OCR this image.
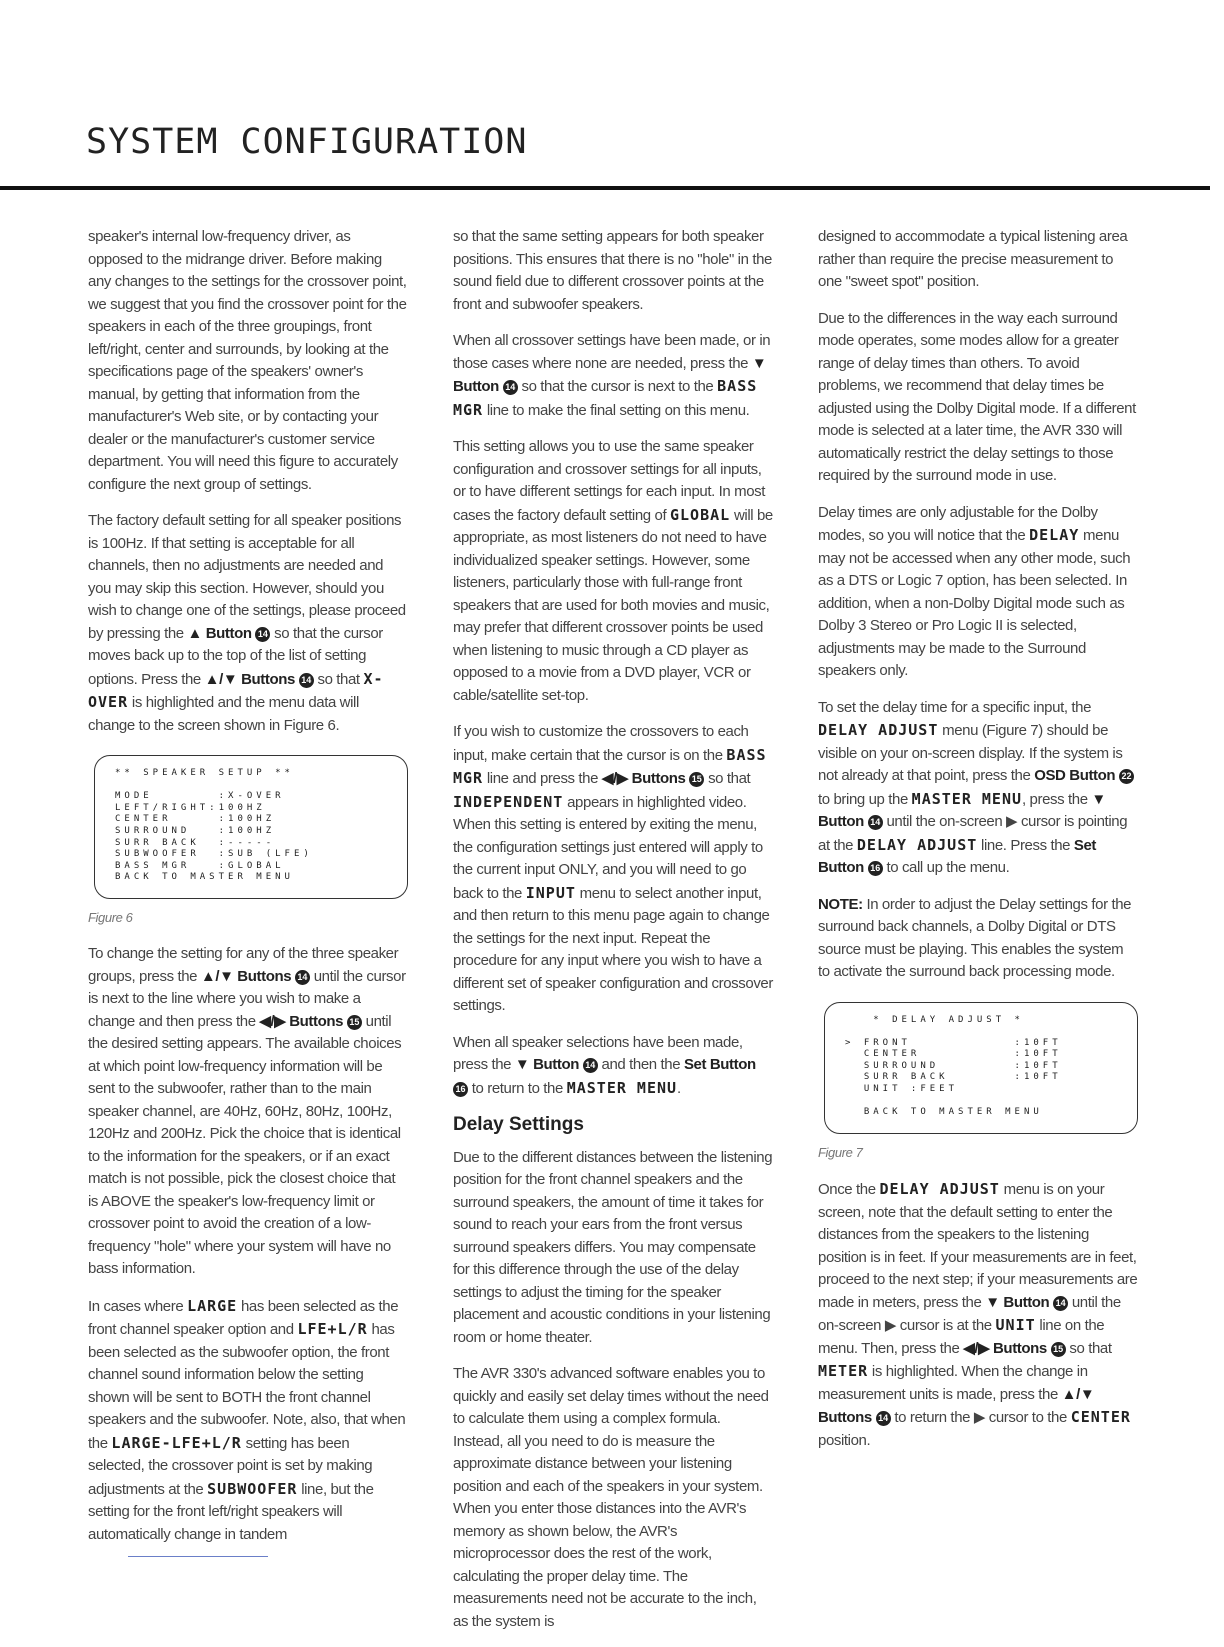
SYSTEM CONFIGURATION

speaker's internal low-frequency driver, as opposed to the midrange driver. Before making any changes to the settings for the crossover point, we suggest that you find the crossover point for the speakers in each of the three groupings, front left/right, center and surrounds, by looking at the specifications page of the speakers' owner's manual, by getting that information from the manufacturer's Web site, or by contacting your dealer or the manufacturer's customer service department. You will need this figure to accurately configure the next group of settings.

The factory default setting for all speaker positions is 100Hz. If that setting is acceptable for all channels, then no adjustments are needed and you may skip this section. However, should you wish to change one of the settings, please proceed by pressing the ▲ Button 14 so that the cursor moves back up to the top of the list of setting options. Press the ▲/▼ Buttons 14 so that X-OVER is highlighted and the menu data will change to the screen shown in Figure 6.

** SPEAKER SETUP **
MODE       :X-OVER
LEFT/RIGHT:100HZ
CENTER     :100HZ
SURROUND   :100HZ
SURR BACK  :-----
SUBWOOFER  :SUB (LFE)
BASS MGR   :GLOBAL
BACK TO MASTER MENU

Figure 6

To change the setting for any of the three speaker groups, press the ▲/▼ Buttons 14 until the cursor is next to the line where you wish to make a change and then press the ◀/▶ Buttons 15 until the desired setting appears. The available choices at which point low-frequency information will be sent to the subwoofer, rather than to the main speaker channel, are 40Hz, 60Hz, 80Hz, 100Hz, 120Hz and 200Hz. Pick the choice that is identical to the information for the speakers, or if an exact match is not possible, pick the closest choice that is ABOVE the speaker's low-frequency limit or crossover point to avoid the creation of a low-frequency "hole" where your system will have no bass information.

In cases where LARGE has been selected as the front channel speaker option and LFE+L/R has been selected as the subwoofer option, the front channel sound information below the setting shown will be sent to BOTH the front channel speakers and the subwoofer. Note, also, that when the LARGE-LFE+L/R setting has been selected, the crossover point is set by making adjustments at the SUBWOOFER line, but the setting for the front left/right speakers will automatically change in tandem

so that the same setting appears for both speaker positions. This ensures that there is no "hole" in the sound field due to different crossover points at the front and subwoofer speakers.

When all crossover settings have been made, or in those cases where none are needed, press the ▼ Button 14 so that the cursor is next to the BASS MGR line to make the final setting on this menu.

This setting allows you to use the same speaker configuration and crossover settings for all inputs, or to have different settings for each input. In most cases the factory default setting of GLOBAL will be appropriate, as most listeners do not need to have individualized speaker settings. However, some listeners, particularly those with full-range front speakers that are used for both movies and music, may prefer that different crossover points be used when listening to music through a CD player as opposed to a movie from a DVD player, VCR or cable/satellite set-top.

If you wish to customize the crossovers to each input, make certain that the cursor is on the BASS MGR line and press the ◀/▶ Buttons 15 so that INDEPENDENT appears in highlighted video. When this setting is entered by exiting the menu, the configuration settings just entered will apply to the current input ONLY, and you will need to go back to the INPUT menu to select another input, and then return to this menu page again to change the settings for the next input. Repeat the procedure for any input where you wish to have a different set of speaker configuration and crossover settings.

When all speaker selections have been made, press the ▼ Button 14 and then the Set Button 16 to return to the MASTER MENU.

Delay Settings

Due to the different distances between the listening position for the front channel speakers and the surround speakers, the amount of time it takes for sound to reach your ears from the front versus surround speakers differs. You may compensate for this difference through the use of the delay settings to adjust the timing for the speaker placement and acoustic conditions in your listening room or home theater.

The AVR 330's advanced software enables you to quickly and easily set delay times without the need to calculate them using a complex formula. Instead, all you need to do is measure the approximate distance between your listening position and each of the speakers in your system. When you enter those distances into the AVR's memory as shown below, the AVR's microprocessor does the rest of the work, calculating the proper delay time. The measurements need not be accurate to the inch, as the system is

designed to accommodate a typical listening area rather than require the precise measurement to one "sweet spot" position.

Due to the differences in the way each surround mode operates, some modes allow for a greater range of delay times than others. To avoid problems, we recommend that delay times be adjusted using the Dolby Digital mode. If a different mode is selected at a later time, the AVR 330 will automatically restrict the delay settings to those required by the surround mode in use.

Delay times are only adjustable for the Dolby modes, so you will notice that the DELAY menu may not be accessed when any other mode, such as a DTS or Logic 7 option, has been selected. In addition, when a non-Dolby Digital mode such as Dolby 3 Stereo or Pro Logic II is selected, adjustments may be made to the Surround speakers only.

To set the delay time for a specific input, the DELAY ADJUST menu (Figure 7) should be visible on your on-screen display. If the system is not already at that point, press the OSD Button 22 to bring up the MASTER MENU, press the ▼ Button 14 until the on-screen ▶ cursor is pointing at the DELAY ADJUST line. Press the Set Button 16 to call up the menu.

NOTE: In order to adjust the Delay settings for the surround back channels, a Dolby Digital or DTS source must be playing. This enables the system to activate the surround back processing mode.

* DELAY ADJUST *
> FRONT           :10FT
CENTER          :10FT
SURROUND        :10FT
SURR BACK       :10FT
UNIT :FEET
BACK TO MASTER MENU

Figure 7

Once the DELAY ADJUST menu is on your screen, note that the default setting to enter the distances from the speakers to the listening position is in feet. If your measurements are in feet, proceed to the next step; if your measurements are made in meters, press the ▼ Button 14 until the on-screen ▶ cursor is at the UNIT line on the menu. Then, press the ◀/▶ Buttons 15 so that METER is highlighted. When the change in measurement units is made, press the ▲/▼ Buttons 14 to return the ▶ cursor to the CENTER position.
